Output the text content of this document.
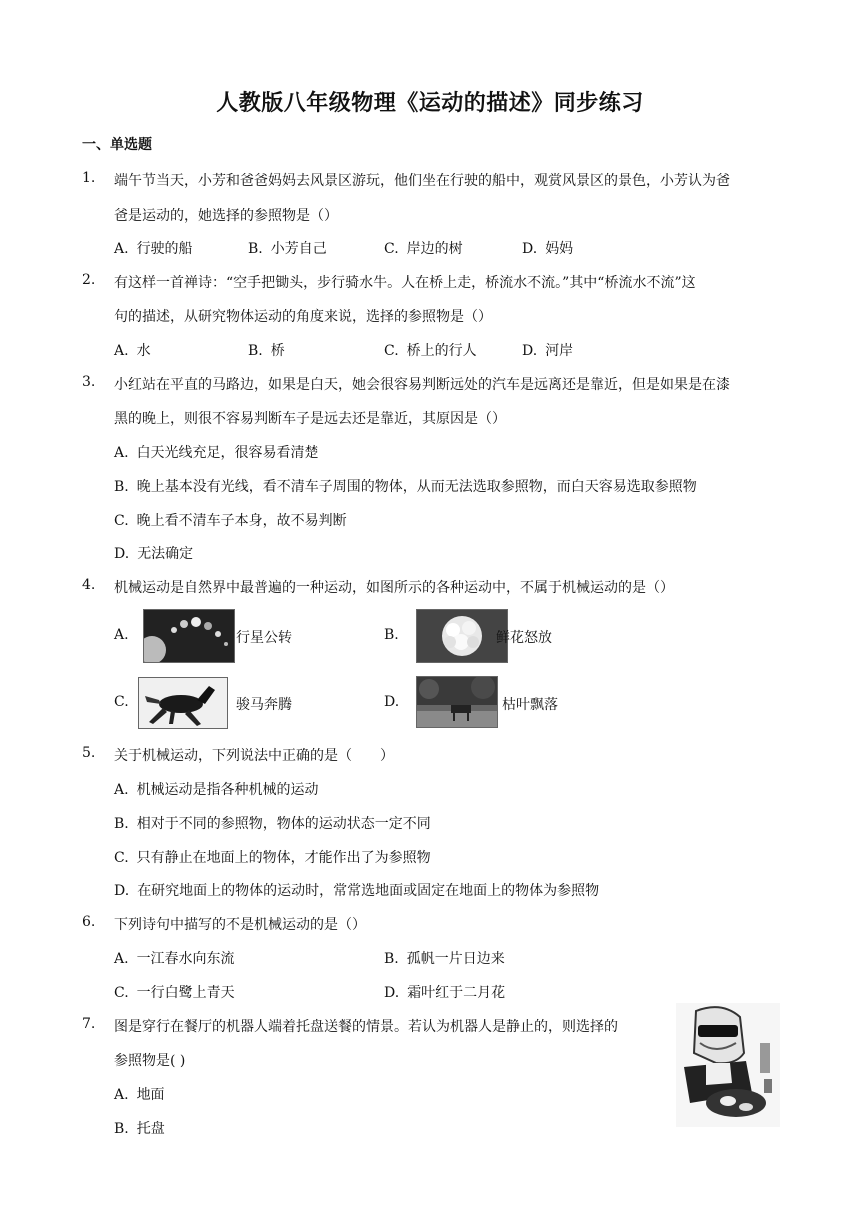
人教版八年级物理《运动的描述》同步练习
一、单选题
1. 端午节当天，小芳和爸爸妈妈去风景区游玩，他们坐在行驶的船中，观赏风景区的景色，小芳认为爸
爸是运动的，她选择的参照物是（）
A. 行驶的船	B. 小芳自己	C. 岸边的树	D. 妈妈
2. 有这样一首禅诗：“空手把锄头，步行骑水牛。人在桥上走，桥流水不流。”其中“桥流水不流”这
句的描述，从研究物体运动的角度来说，选择的参照物是（）
A. 水	B. 桥	C. 桥上的行人	D. 河岸
3. 小红站在平直的马路边，如果是白天，她会很容易判断远处的汽车是远离还是靠近，但是如果是在漆
黑的晚上，则很不容易判断车子是远去还是靠近，其原因是（）
A. 白天光线充足，很容易看清楚
B. 晚上基本没有光线，看不清车子周围的物体，从而无法选取参照物，而白天容易选取参照物
C. 晚上看不清车子本身，故不易判断
D. 无法确定
4. 机械运动是自然界中最普遍的一种运动，如图所示的各种运动中，不属于机械运动的是（）
A.	行星公转	B.	鲜花怒放
C.	骏马奔腾	D.	枯叶飘落
5. 关于机械运动，下列说法中正确的是（　　）
A. 机械运动是指各种机械的运动
B. 相对于不同的参照物，物体的运动状态一定不同
C. 只有静止在地面上的物体，才能作出了为参照物
D. 在研究地面上的物体的运动时，常常选地面或固定在地面上的物体为参照物
6. 下列诗句中描写的不是机械运动的是（）
A. 一江春水向东流	B. 孤帆一片日边来
C. 一行白鹭上青天	D. 霜叶红于二月花
7. 图是穿行在餐厅的机器人端着托盘送餐的情景。若认为机器人是静止的，则选择的
参照物是( )
A. 地面
B. 托盘
